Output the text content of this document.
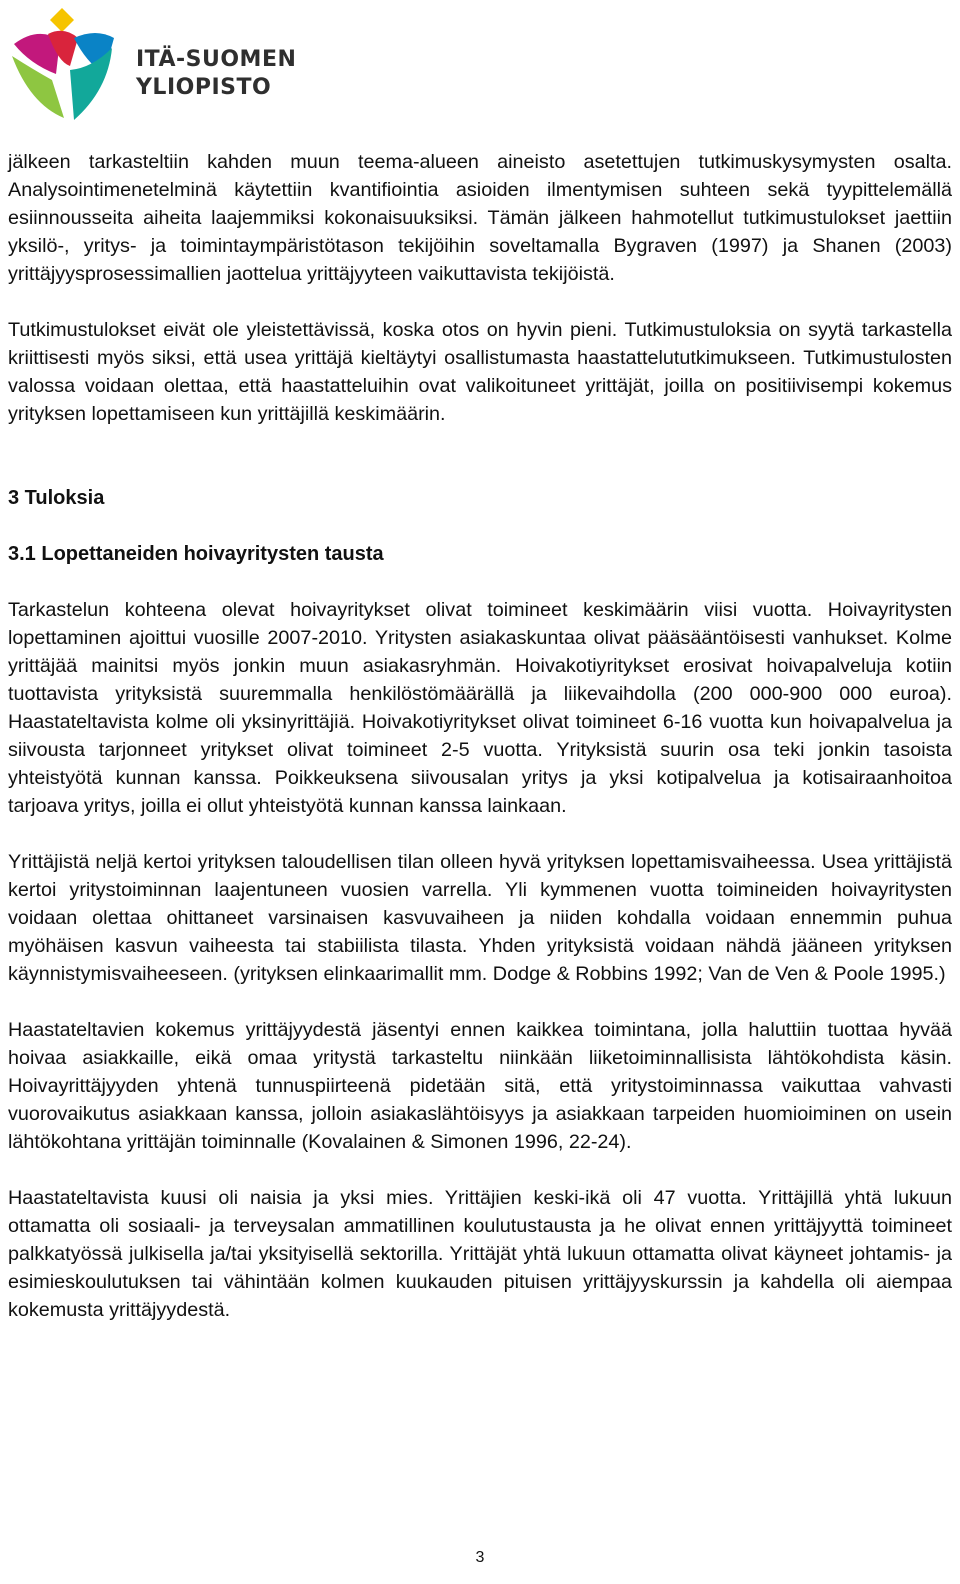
ITÄ-SUOMEN
YLIOPISTO

jälkeen tarkasteltiin kahden muun teema-alueen aineisto asetettujen tutkimuskysymysten osalta. Analysointimenetelminä käytettiin kvantifiointia asioiden ilmentymisen suhteen sekä tyypittelemällä esiinnousseita aiheita laajemmiksi kokonaisuuksiksi. Tämän jälkeen hahmotellut tutkimustulokset jaettiin yksilö-, yritys- ja toimintaympäristötason tekijöihin soveltamalla Bygraven (1997) ja Shanen (2003) yrittäjyysprosessimallien jaottelua yrittäjyyteen vaikuttavista tekijöistä.

Tutkimustulokset eivät ole yleistettävissä, koska otos on hyvin pieni. Tutkimustuloksia on syytä tarkastella kriittisesti myös siksi, että usea yrittäjä kieltäytyi osallistumasta haastattelututkimukseen. Tutkimustulosten valossa voidaan olettaa, että haastatteluihin ovat valikoituneet yrittäjät, joilla on positiivisempi kokemus yrityksen lopettamiseen kun yrittäjillä keskimäärin.

3 Tuloksia
3.1 Lopettaneiden hoivayritysten tausta

Tarkastelun kohteena olevat hoivayritykset olivat toimineet keskimäärin viisi vuotta. Hoivayritysten lopettaminen ajoittui vuosille 2007-2010. Yritysten asiakaskuntaa olivat pääsääntöisesti vanhukset. Kolme yrittäjää mainitsi myös jonkin muun asiakasryhmän. Hoivakotiyritykset erosivat hoivapalveluja kotiin tuottavista yrityksistä suuremmalla henkilöstömäärällä ja liikevaihdolla (200 000-900 000 euroa). Haastateltavista kolme oli yksinyrittäjiä. Hoivakotiyritykset olivat toimineet 6-16 vuotta kun hoivapalvelua ja siivousta tarjonneet yritykset olivat toimineet 2-5 vuotta. Yrityksistä suurin osa teki jonkin tasoista yhteistyötä kunnan kanssa. Poikkeuksena siivousalan yritys ja yksi kotipalvelua ja kotisairaanhoitoa tarjoava yritys, joilla ei ollut yhteistyötä kunnan kanssa lainkaan.

Yrittäjistä neljä kertoi yrityksen taloudellisen tilan olleen hyvä yrityksen lopettamisvaiheessa. Usea yrittäjistä kertoi yritystoiminnan laajentuneen vuosien varrella. Yli kymmenen vuotta toimineiden hoivayritysten voidaan olettaa ohittaneet varsinaisen kasvuvaiheen ja niiden kohdalla voidaan ennemmin puhua myöhäisen kasvun vaiheesta tai stabiilista tilasta. Yhden yrityksistä voidaan nähdä jääneen yrityksen käynnistymisvaiheeseen. (yrityksen elinkaarimallit mm. Dodge & Robbins 1992; Van de Ven & Poole 1995.)

Haastateltavien kokemus yrittäjyydestä jäsentyi ennen kaikkea toimintana, jolla haluttiin tuottaa hyvää hoivaa asiakkaille, eikä omaa yritystä tarkasteltu niinkään liiketoiminnallisista lähtökohdista käsin. Hoivayrittäjyyden yhtenä tunnuspiirteenä pidetään sitä, että yritystoiminnassa vaikuttaa vahvasti vuorovaikutus asiakkaan kanssa, jolloin asiakaslähtöisyys ja asiakkaan tarpeiden huomioiminen on usein lähtökohtana yrittäjän toiminnalle (Kovalainen & Simonen 1996, 22-24).

Haastateltavista kuusi oli naisia ja yksi mies. Yrittäjien keski-ikä oli 47 vuotta. Yrittäjillä yhtä lukuun ottamatta oli sosiaali- ja terveysalan ammatillinen koulutustausta ja he olivat ennen yrittäjyyttä toimineet palkkatyössä julkisella ja/tai yksityisellä sektorilla. Yrittäjät yhtä lukuun ottamatta olivat käyneet johtamis- ja esimieskoulutuksen tai vähintään kolmen kuukauden pituisen yrittäjyyskurssin ja kahdella oli aiempaa kokemusta yrittäjyydestä.

3
